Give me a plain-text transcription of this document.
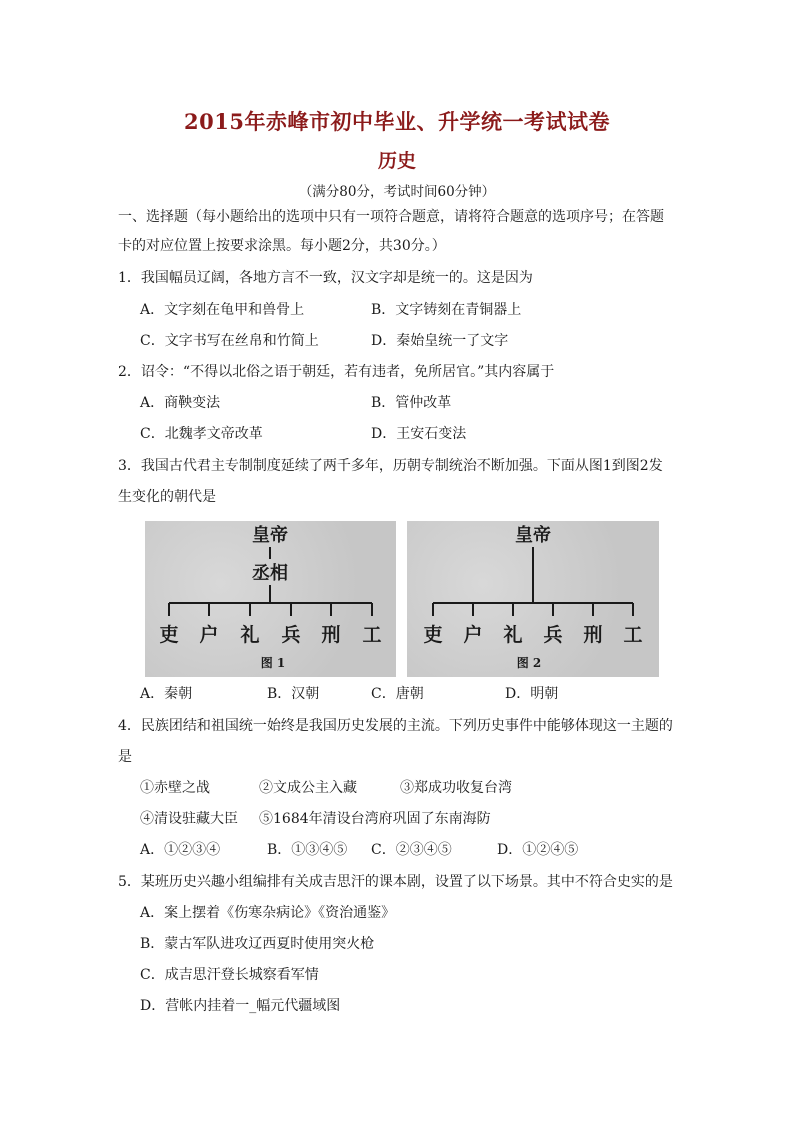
2015年赤峰市初中毕业、升学统一考试试卷
历史
（满分80分，考试时间60分钟）
一、选择题（每小题给出的选项中只有一项符合题意，请将符合题意的选项序号；在答题
卡的对应位置上按要求涂黑。每小题2分，共30分。）
1．我国幅员辽阔，各地方言不一致，汉文字却是统一的。这是因为
A．文字刻在龟甲和兽骨上	B．文字铸刻在青铜器上
C．文字书写在丝帛和竹简上	D．秦始皇统一了文字
2．诏令：“不得以北俗之语于朝廷，若有违者，免所居官。”其内容属于
A．商鞅变法	B．管仲改革
C．北魏孝文帝改革	D．王安石变法
3．我国古代君主专制制度延续了两千多年，历朝专制统治不断加强。下面从图1到图2发
生变化的朝代是
皇帝
丞相
吏 户 礼 兵 刑 工
图 1
皇帝
吏 户 礼 兵 刑 工
图 2
A．秦朝	B．汉朝	C．唐朝	D．明朝
4．民族团结和祖国统一始终是我国历史发展的主流。下列历史事件中能够体现这一主题的
是
①赤壁之战	②文成公主入藏	③郑成功收复台湾
④清设驻藏大臣 ⑤1684年清设台湾府巩固了东南海防
A．①②③④	B．①③④⑤ C．②③④⑤	D．①②④⑤
5．某班历史兴趣小组编排有关成吉思汗的课本剧，设置了以下场景。其中不符合史实的是
A．案上摆着《伤寒杂病论》《资治通鉴》
B．蒙古军队进攻辽西夏时使用突火枪
C．成吉思汗登长城察看军情
D．营帐内挂着一_幅元代疆域图
